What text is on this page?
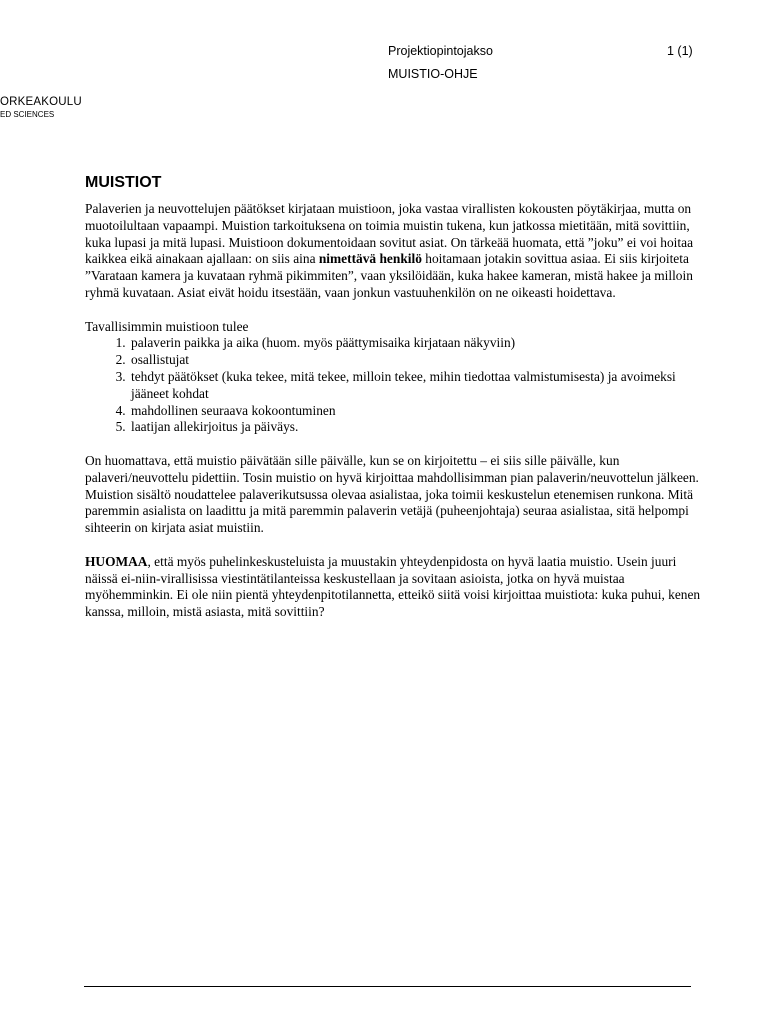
Projektiopintojakso	1 (1)
MUISTIO-OHJE
ORKEAKOULU
ED SCIENCES
MUISTIOT

Palaverien ja neuvottelujen päätökset kirjataan muistioon, joka vastaa virallisten kokousten pöytäkirjaa, mutta on muotoilultaan vapaampi. Muistion tarkoituksena on toimia muistin tukena, kun jatkossa mietitään, mitä sovittiin, kuka lupasi ja mitä lupasi. Muistioon dokumentoidaan sovitut asiat. On tärkeää huomata, että ”joku” ei voi hoitaa kaikkea eikä ainakaan ajallaan: on siis aina nimettävä henkilö hoitamaan jotakin sovittua asiaa. Ei siis kirjoiteta ”Varataan kamera ja kuvataan ryhmä pikimmiten”, vaan yksilöidään, kuka hakee kameran, mistä hakee ja milloin ryhmä kuvataan. Asiat eivät hoidu itsestään, vaan jonkun vastuuhenkilön on ne oikeasti hoidettava.

Tavallisimmin muistioon tulee

1. palaverin paikka ja aika (huom. myös päättymisaika kirjataan näkyviin)
2. osallistujat
3. tehdyt päätökset (kuka tekee, mitä tekee, milloin tekee, mihin tiedottaa valmistumisesta) ja avoimeksi jääneet kohdat
4. mahdollinen seuraava kokoontuminen
5. laatijan allekirjoitus ja päiväys.

On huomattava, että muistio päivätään sille päivälle, kun se on kirjoitettu – ei siis sille päivälle, kun palaveri/neuvottelu pidettiin. Tosin muistio on hyvä kirjoittaa mahdollisimman pian palaverin/neuvottelun jälkeen. Muistion sisältö noudattelee palaverikutsussa olevaa asialistaa, joka toimii keskustelun etenemisen runkona. Mitä paremmin asialista on laadittu ja mitä paremmin palaverin vetäjä (puheenjohtaja) seuraa asialistaa, sitä helpompi sihteerin on kirjata asiat muistiin.

HUOMAA, että myös puhelinkeskusteluista ja muustakin yhteydenpidosta on hyvä laatia muistio. Usein juuri näissä ei-niin-virallisissa viestintätilanteissa keskustellaan ja sovitaan asioista, jotka on hyvä muistaa myöhemminkin. Ei ole niin pientä yhteydenpitotilannetta, etteikö siitä voisi kirjoittaa muistiota: kuka puhui, kenen kanssa, milloin, mistä asiasta, mitä sovittiin?
